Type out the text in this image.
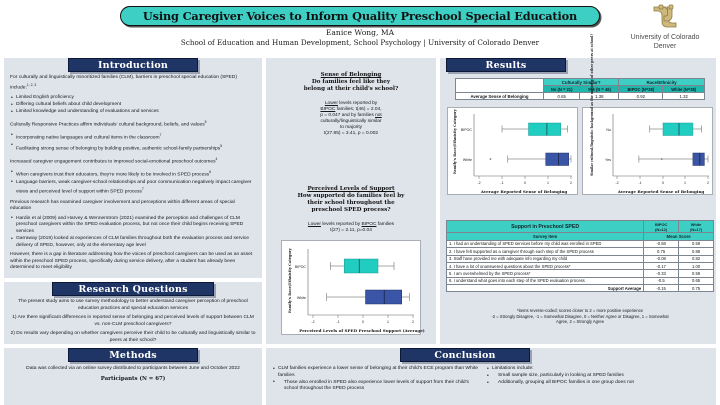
Using Caregiver Voices to Inform Quality Preschool Special Education
Eanice Wong, MA
School of Education and Human Development, School Psychology | University of Colorado Denver
University of Colorado
Denver
Introduction

For culturally and linguistically minoritized families (CLM), barriers in preschool special education (SPED) include:$^{1, 2, 3}$

• Limited English proficiency
• Differing cultural beliefs about child development
• Limited knowledge and understanding of evaluations and services

Culturally Responsive Practices affirm individuals' cultural background, beliefs, and values$^5$

• Incorporating native languages and cultural items in the classroom$^7$
• Facilitating strong sense of belonging by building positive, authentic school-family partnerships$^5$

Increased caregiver engagement contributes to improved social-emotional preschool outcomes$^4$

• When caregivers trust their educators, they're more likely to be involved in SPED process$^6$
• Language barriers, weak caregiver-school relationships and poor communication negatively impact caregiver views and perceived level of support within SPED process$^7$

Previous research has examined caregiver involvement and perceptions within different areas of special education

• Hardin et al (2009) and Harvey & Wennerstrom (2021) examined the perception and challenges of CLM preschool caregivers within the SPED evaluation process, but not once their child begins receiving SPED services
• Garraway (2019) looked at experiences of CLM families throughout both the evaluation process and service delivery of SPED, however, only at the elementary age level

However, there is a gap in literature addressing how the voices of preschool caregivers can be used as an asset within the preschool SPED process, specifically during service delivery, after a student has already been determined to meet eligibility

Research Questions

The present study aims to use survey methodology to better understand caregiver perception of preschool education practices and special education services

1) Are there significant differences in reported sense of belonging and perceived levels of support between CLM vs. non-CLM preschool caregivers?

2) Do results vary depending on whether caregivers perceive their child to be culturally and linguistically similar to peers at their school?

Methods

Data was collected via an online survey distributed to participants between June and October 2022

Participants (N = 67)

Sense of Belonging
Do families feel like they
belong at their child's school?
Lower levels reported by
BIPOC families; t(46) = 2.04,
p = 0.047 and by families not
culturally/linguistically similar
to majority
t(27.85) = 3.41, p = 0.002
Perceived Levels of Support
How supported do families feel by
their school throughout the
preschool SPED process?
Lower levels reported by BIPOC families
t(27) = 2.11, p=0.04
Family's Race/Ethnicity Category
-2	-1	0	1	2
Perceived Levels of SPED Preschool Support (Average)
BIPOC
White
Results
	Culturally Similar?		Race/Ethnicity	
	No (N = 21)	Yes (N = 46)	BIPOC (N=28)	White (N=38)
Average Sense of Belonging	0.65	1.38	0.92	1.32
Family's Race/Ethnicity Category
-2	-1	0	1	2
Average Reported Sense of Belonging
BIPOC
White	Similar cultural/linguistic background as the majority of other peers at school?
-2	-1	0	1	2
Average Reported Sense of Belonging
No
Yes
Support in Preschool SPED	BIPOC
(N=12)	White
(N=17)
Survey Item	Mean Score	
1. I had an understanding of SPED services before my child was enrolled in SPED	-0.58	0.59
2. I have felt supported as a caregiver through each step of the SPED process	0.75	0.88
3. Staff have provided me with adequate info regarding my child	-0.08	0.82
4. I have a lot of unanswered questions about the SPED process*	-0.17	1.00
5. I am overwhelmed by the SPED process*	-0.33	0.59
6. I understand what goes into each step of the SPED evaluation process	-0.5	0.65
Support Average	-0.15	0.75
*items reverse-coded; scores closer to 2 = more positive experience
-2 = Strongly Disagree, -1 = Somewhat Disagree, 0 = Neither Agree or Disagree, 1 = Somewhat
Agree, 2 = Strongly Agree
Conclusion
• CLM families experience a lower sense of belonging at their child's ECE program than White families
• Those also enrolled in SPED also experience lower levels of support from their child's school throughout the SPED process
• Limitations include:
• Small sample size, particularly in looking at SPED families
• Additionally, grouping all BIPOC families in one group does not
